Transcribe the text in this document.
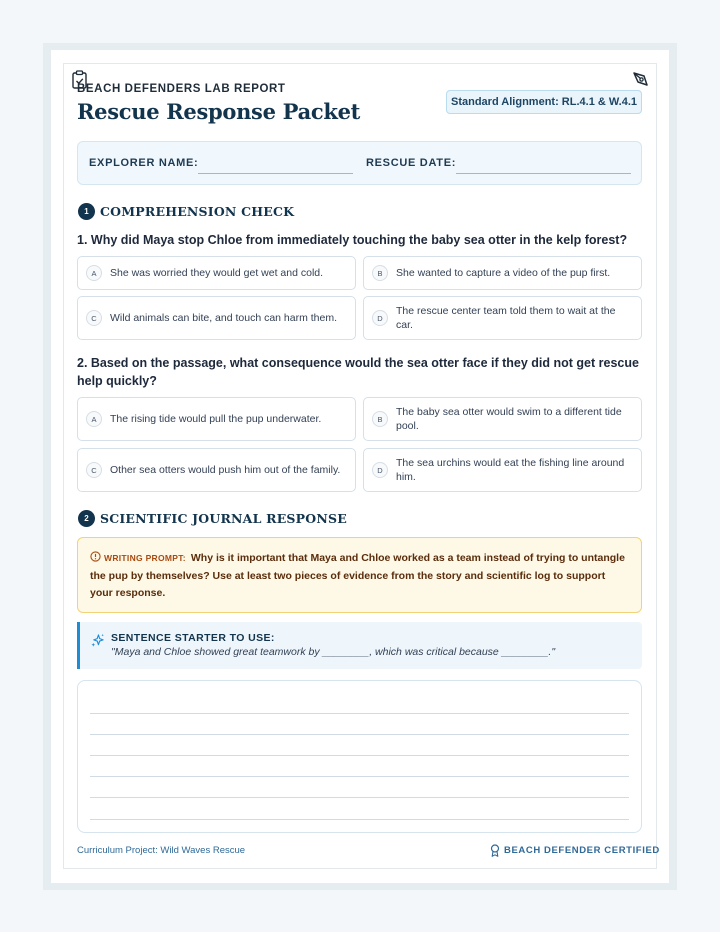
BEACH DEFENDERS LAB REPORT
Rescue Response Packet	Standard Alignment: RL.4.1 & W.4.1
EXPLORER NAME:	RESCUE DATE:
1 COMPREHENSION CHECK
1. Why did Maya stop Chloe from immediately touching the baby sea otter in the kelp forest?
A	She was worried they would get wet and cold.	B	She wanted to capture a video of the pup first.
C	Wild animals can bite, and touch can harm them.	D
The rescue center team told them to wait at the car.
2. Based on the passage, what consequence would the sea otter face if they did not get rescue help quickly?
A	The rising tide would pull the pup underwater.	B
The baby sea otter would swim to a different tide pool.
C	Other sea otters would push him out of the family.	D
The sea urchins would eat the fishing line around him.
2 SCIENTIFIC JOURNAL RESPONSE
WRITING PROMPT: Why is it important that Maya and Chloe worked as a team instead of trying to untangle the pup by themselves? Use at least two pieces of evidence from the story and scientific log to support your response.
SENTENCE STARTER TO USE:
"Maya and Chloe showed great teamwork by ________, which was critical because ________."
Curriculum Project: Wild Waves Rescue	BEACH DEFENDER CERTIFIED
